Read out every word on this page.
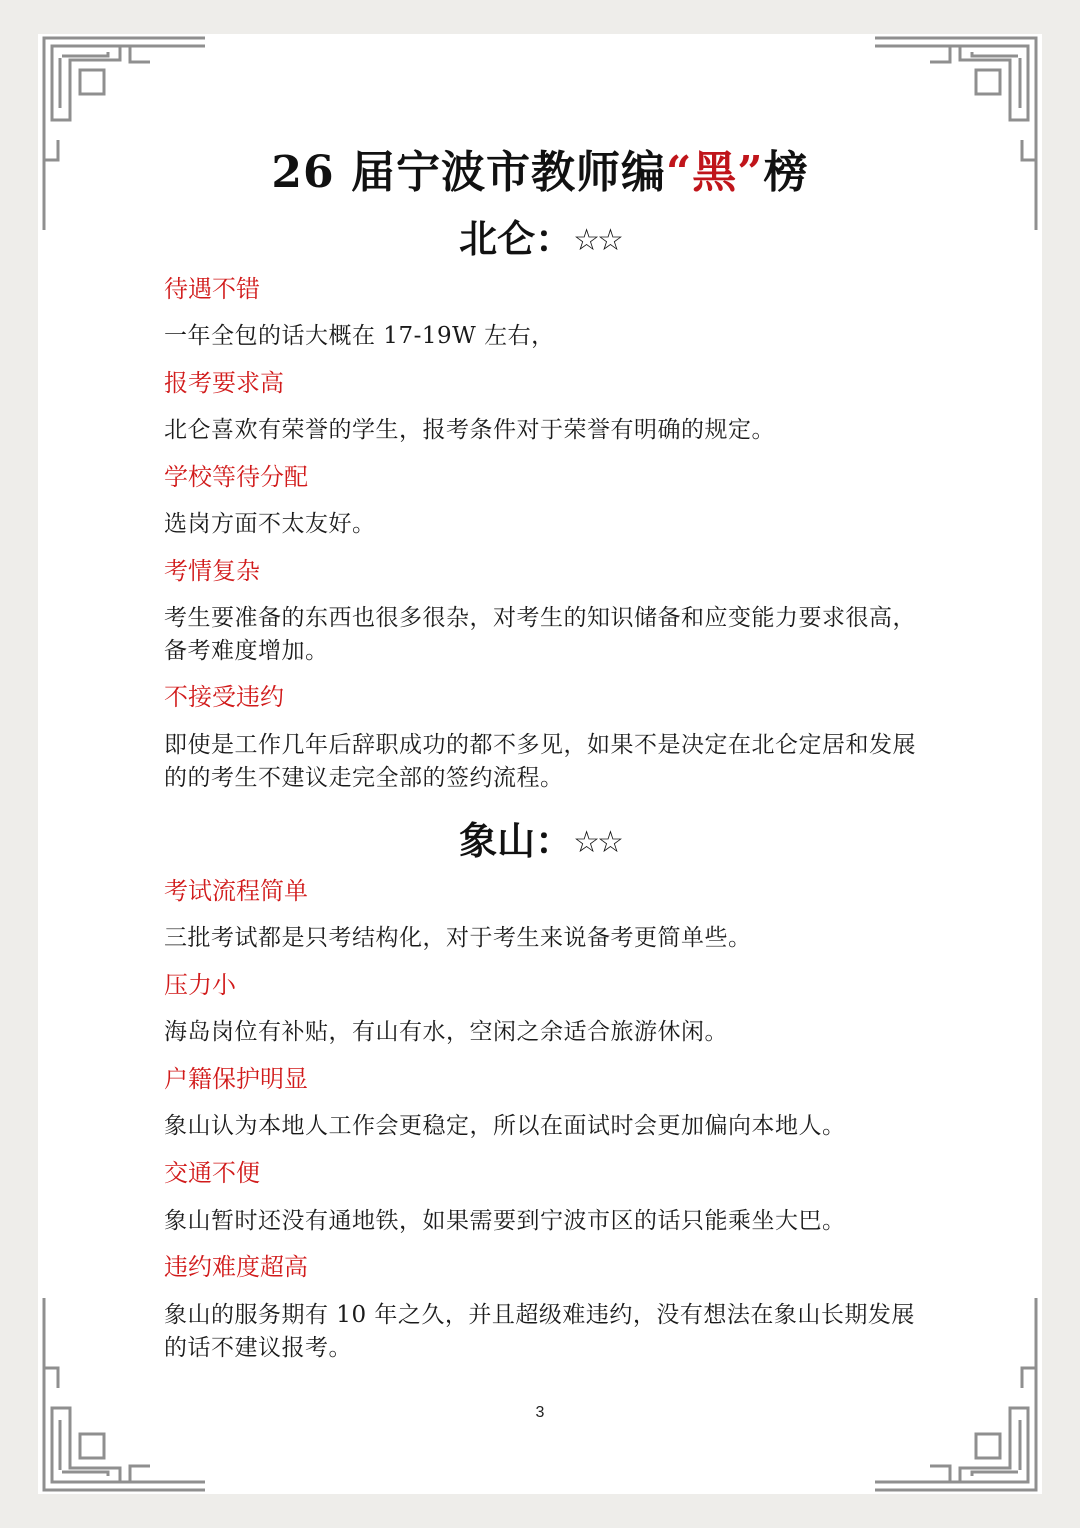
26 届宁波市教师编“黑”榜
北仑：☆☆
待遇不错
一年全包的话大概在 17-19W 左右，
报考要求高
北仑喜欢有荣誉的学生，报考条件对于荣誉有明确的规定。
学校等待分配
选岗方面不太友好。
考情复杂
考生要准备的东西也很多很杂，对考生的知识储备和应变能力要求很高，备考难度增加。
不接受违约
即使是工作几年后辞职成功的都不多见，如果不是决定在北仑定居和发展的的考生不建议走完全部的签约流程。
象山：☆☆
考试流程简单
三批考试都是只考结构化，对于考生来说备考更简单些。
压力小
海岛岗位有补贴，有山有水，空闲之余适合旅游休闲。
户籍保护明显
象山认为本地人工作会更稳定，所以在面试时会更加偏向本地人。
交通不便
象山暂时还没有通地铁，如果需要到宁波市区的话只能乘坐大巴。
违约难度超高
象山的服务期有 10 年之久，并且超级难违约，没有想法在象山长期发展的话不建议报考。
3
